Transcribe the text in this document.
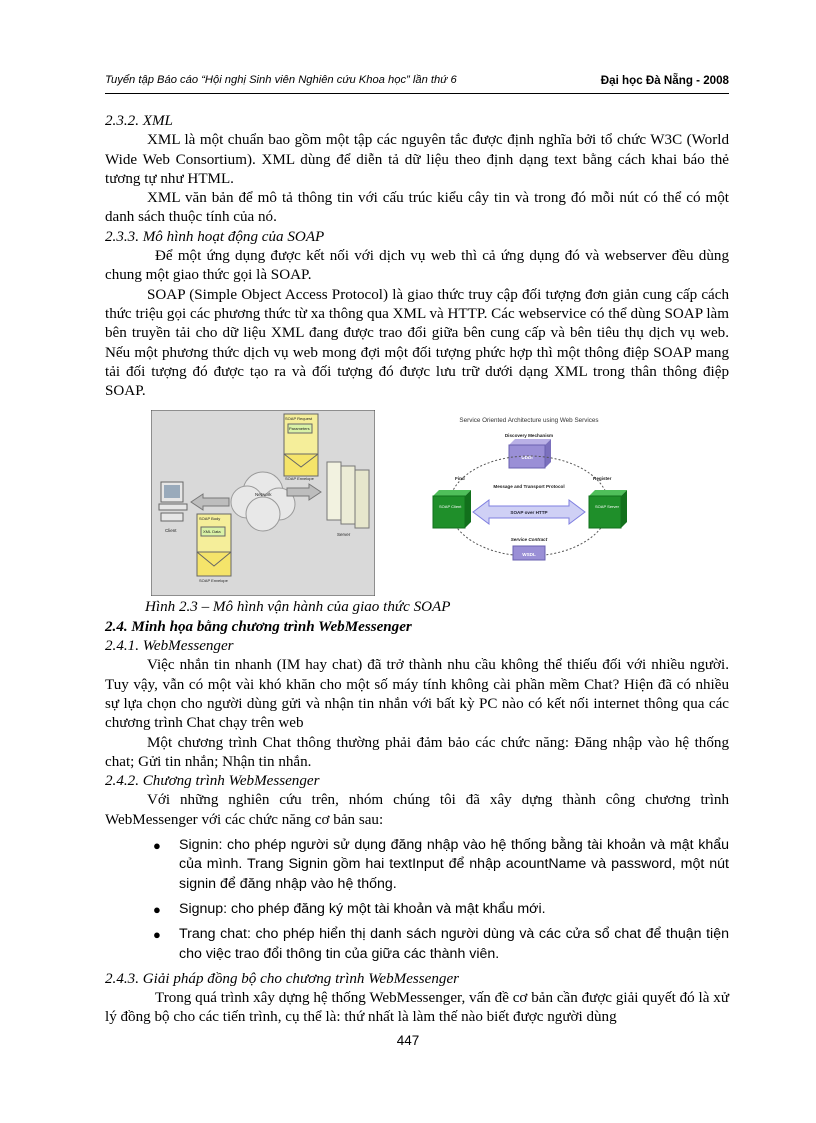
Tuyển tập Báo cáo “Hội nghị Sinh viên Nghiên cứu Khoa học” lần thứ 6	Đại học Đà Nẵng - 2008

2.3.2. XML

XML là một chuẩn bao gồm một tập các nguyên tắc được định nghĩa bởi tổ chức W3C (World Wide Web Consortium). XML dùng để diễn tả dữ liệu theo định dạng text bằng cách khai báo thẻ tương tự như HTML.

XML văn bản để mô tả thông tin với cấu trúc kiểu cây tin và trong đó mỗi nút có thể có một danh sách thuộc tính của nó.

2.3.3. Mô hình hoạt động của SOAP

Để một ứng dụng được kết nối với dịch vụ web thì cả ứng dụng đó và webserver đều dùng chung một giao thức gọi là SOAP.

SOAP (Simple Object Access Protocol) là giao thức truy cập đối tượng đơn giản cung cấp cách thức triệu gọi các phương thức từ xa thông qua XML và HTTP. Các webservice có thể dùng SOAP làm bên truyền tải cho dữ liệu XML đang được trao đổi giữa bên cung cấp và bên tiêu thụ dịch vụ web. Nếu một phương thức dịch vụ web mong đợi một đối tượng phức hợp thì một thông điệp SOAP mang tải đối tượng đó được tạo ra và đối tượng đó được lưu trữ dưới dạng XML trong thân thông điệp SOAP.

Network
Client
Server
SOAP Request
Parameters
SOAP Envelope
SOAP Body
XML Data
SOAP Envelope
Service Oriented Architecture using Web Services
Discovery Mechanism
UDDI
Find	Register
Message and Transport Protocol
SOAP Client	SOAP Server
SOAP over HTTP
Service Contract
WSDL

Hình 2.3 – Mô hình vận hành của giao thức SOAP

2.4. Minh họa bằng chương trình WebMessenger

2.4.1. WebMessenger

Việc nhắn tin nhanh (IM hay chat) đã trở thành nhu cầu không thể thiếu đối với nhiều người. Tuy vậy, vẫn có một vài khó khăn cho một số máy tính không cài phần mềm Chat? Hiện đã có nhiều sự lựa chọn cho người dùng gửi và nhận tin nhắn với bất kỳ PC nào có kết nối internet thông qua các chương trình Chat chạy trên web

Một chương trình Chat thông thường phải đảm bảo các chức năng: Đăng nhập vào hệ thống chat; Gửi tin nhắn; Nhận tin nhắn.

2.4.2. Chương trình WebMessenger

Với những nghiên cứu trên, nhóm chúng tôi đã xây dựng thành công chương trình WebMessenger với các chức năng cơ bản sau:

● Signin: cho phép người sử dụng đăng nhập vào hệ thống bằng tài khoản và mật khẩu của mình. Trang Signin gồm hai textInput để nhập acountName và password, một nút signin để đăng nhập vào hệ thống.
● Signup: cho phép đăng ký một tài khoản và mật khẩu mới.
● Trang chat: cho phép hiển thị danh sách người dùng và các cửa sổ chat để thuận tiện cho việc trao đổi thông tin của giữa các thành viên.

2.4.3. Giải pháp đồng bộ cho chương trình WebMessenger

Trong quá trình xây dựng hệ thống WebMessenger, vấn đề cơ bản cần được giải quyết đó là xử lý đồng bộ cho các tiến trình, cụ thể là: thứ nhất là làm thế nào biết được người dùng

447
